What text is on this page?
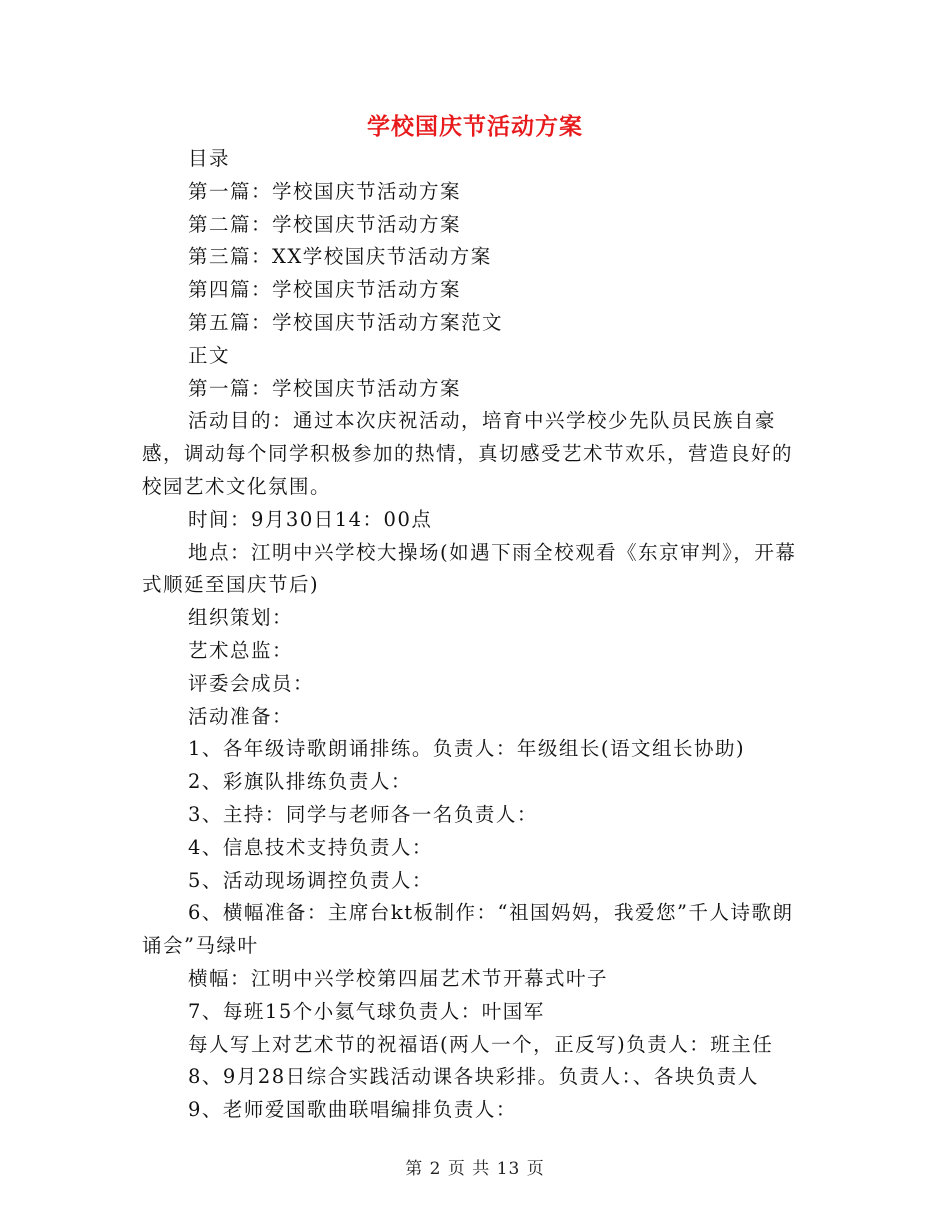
学校国庆节活动方案

目录

第一篇：学校国庆节活动方案

第二篇：学校国庆节活动方案

第三篇：XX学校国庆节活动方案

第四篇：学校国庆节活动方案

第五篇：学校国庆节活动方案范文

正文

第一篇：学校国庆节活动方案

活动目的：通过本次庆祝活动，培育中兴学校少先队员民族自豪感，调动每个同学积极参加的热情，真切感受艺术节欢乐，营造良好的校园艺术文化氛围。

时间：9月30日14：00点

地点：江明中兴学校大操场(如遇下雨全校观看《东京审判》，开幕式顺延至国庆节后)

组织策划：

艺术总监：

评委会成员：

活动准备：

1、各年级诗歌朗诵排练。负责人：年级组长(语文组长协助)

2、彩旗队排练负责人：

3、主持：同学与老师各一名负责人：

4、信息技术支持负责人：

5、活动现场调控负责人：

6、横幅准备：主席台kt板制作：“祖国妈妈，我爱您”千人诗歌朗诵会”马绿叶

横幅：江明中兴学校第四届艺术节开幕式叶子

7、每班15个小氦气球负责人：叶国军

每人写上对艺术节的祝福语(两人一个，正反写)负责人：班主任

8、9月28日综合实践活动课各块彩排。负责人：、各块负责人

9、老师爱国歌曲联唱编排负责人：

第 2 页 共 13 页
